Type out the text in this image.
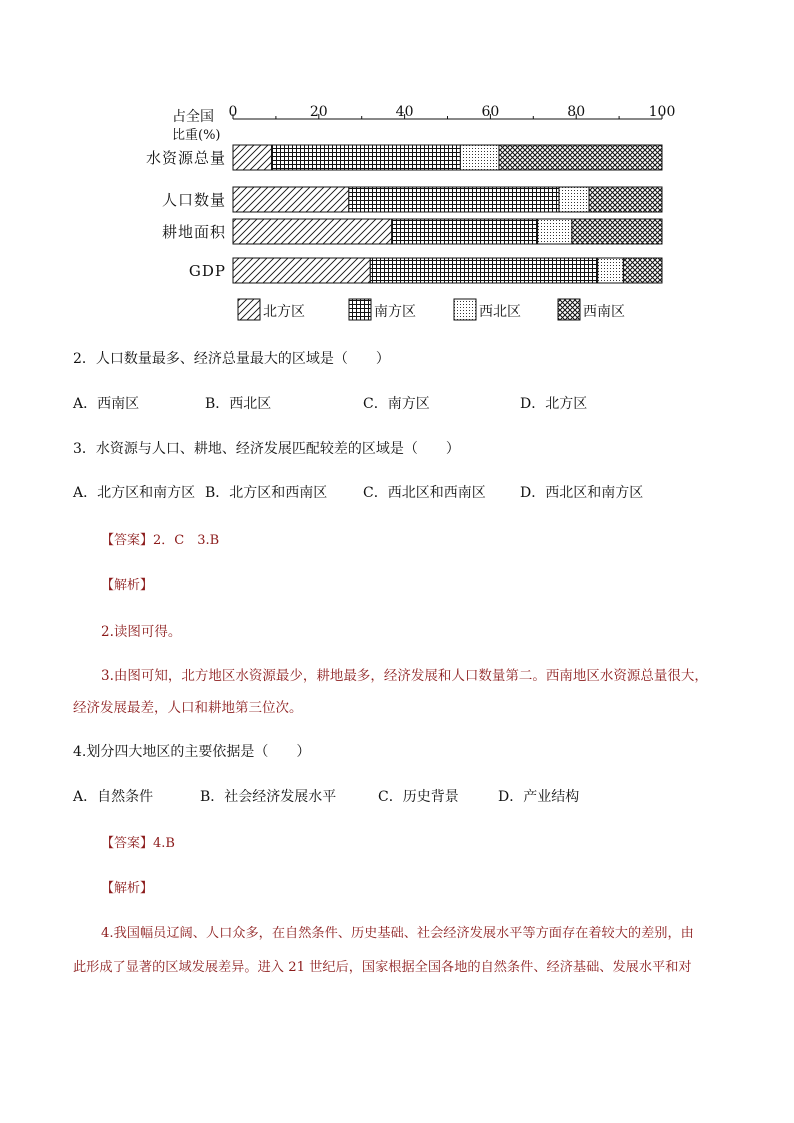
占全国
比重(%)
0	20	40	60	80	100
水资源总量
人口数量
耕地面积
GDP
北方区	南方区	西北区	西南区
2．人口数量最多、经济总量最大的区域是（　　）
A．西南区	B．西北区	C．南方区	D．北方区
3．水资源与人口、耕地、经济发展匹配较差的区域是（　　）
A．北方区和南方区 B．北方区和西南区	C．西北区和西南区 D．西北区和南方区
【答案】2．C　3.B
【解析】
2.读图可得。
3.由图可知，北方地区水资源最少，耕地最多，经济发展和人口数量第二。西南地区水资源总量很大，
经济发展最差，人口和耕地第三位次。
4.划分四大地区的主要依据是（　　）
A．自然条件	B．社会经济发展水平	C．历史背景	D．产业结构
【答案】4.B
【解析】
4.我国幅员辽阔、人口众多，在自然条件、历史基础、社会经济发展水平等方面存在着较大的差别，由
此形成了显著的区域发展差异。进入 21 世纪后，国家根据全国各地的自然条件、经济基础、发展水平和对
